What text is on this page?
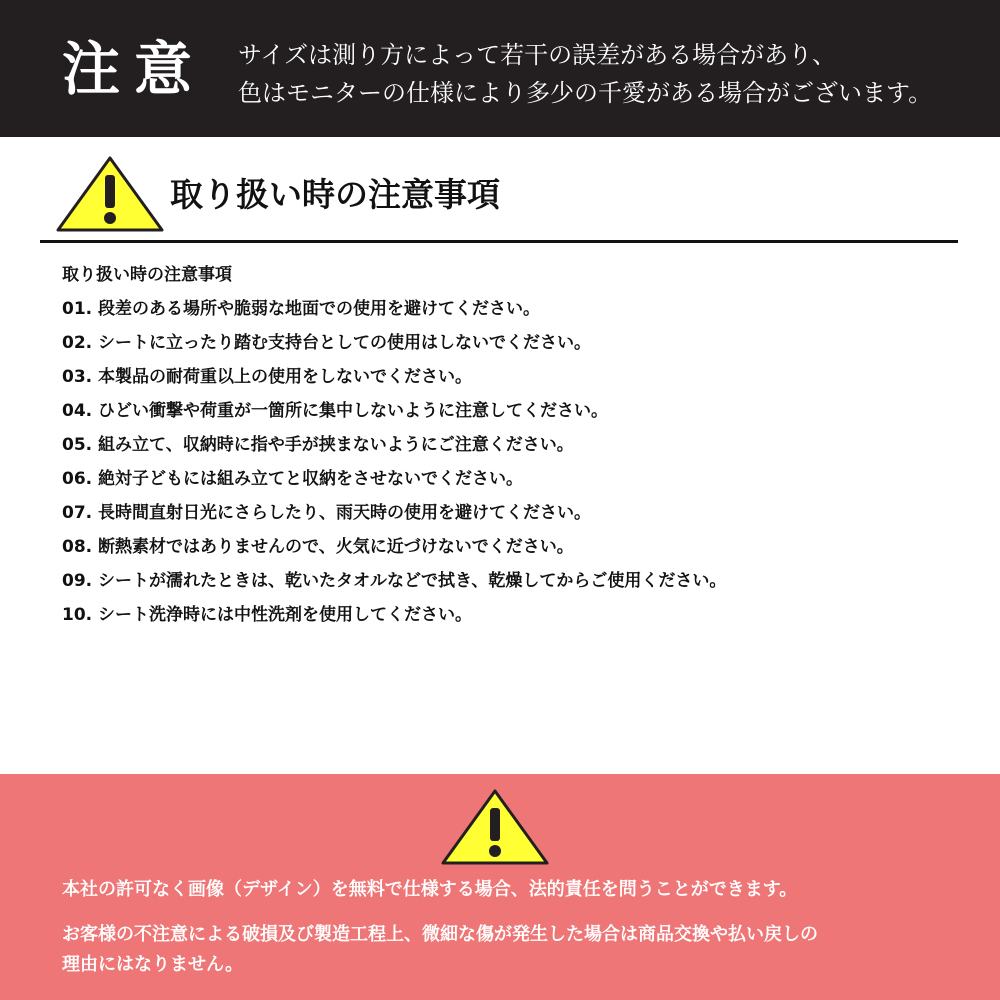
注意 サイズは測り方によって若干の誤差がある場合があり、
色はモニターの仕様により多少の千愛がある場合がございます。
取り扱い時の注意事項
取り扱い時の注意事項
01. 段差のある場所や脆弱な地面での使用を避けてください。
02. シートに立ったり踏む支持台としての使用はしないでください。
03. 本製品の耐荷重以上の使用をしないでください。
04. ひどい衝撃や荷重が一箇所に集中しないように注意してください。
05. 組み立て、収納時に指や手が挟まないようにご注意ください。
06. 絶対子どもには組み立てと収納をさせないでください。
07. 長時間直射日光にさらしたり、雨天時の使用を避けてください。
08. 断熱素材ではありませんので、火気に近づけないでください。
09. シートが濡れたときは、乾いたタオルなどで拭き、乾燥してからご使用ください。
10. シート洗浄時には中性洗剤を使用してください。
本社の許可なく画像（デザイン）を無料で仕様する場合、法的責任を問うことができます。
お客様の不注意による破損及び製造工程上、微細な傷が発生した場合は商品交換や払い戻しの
理由にはなりません。
